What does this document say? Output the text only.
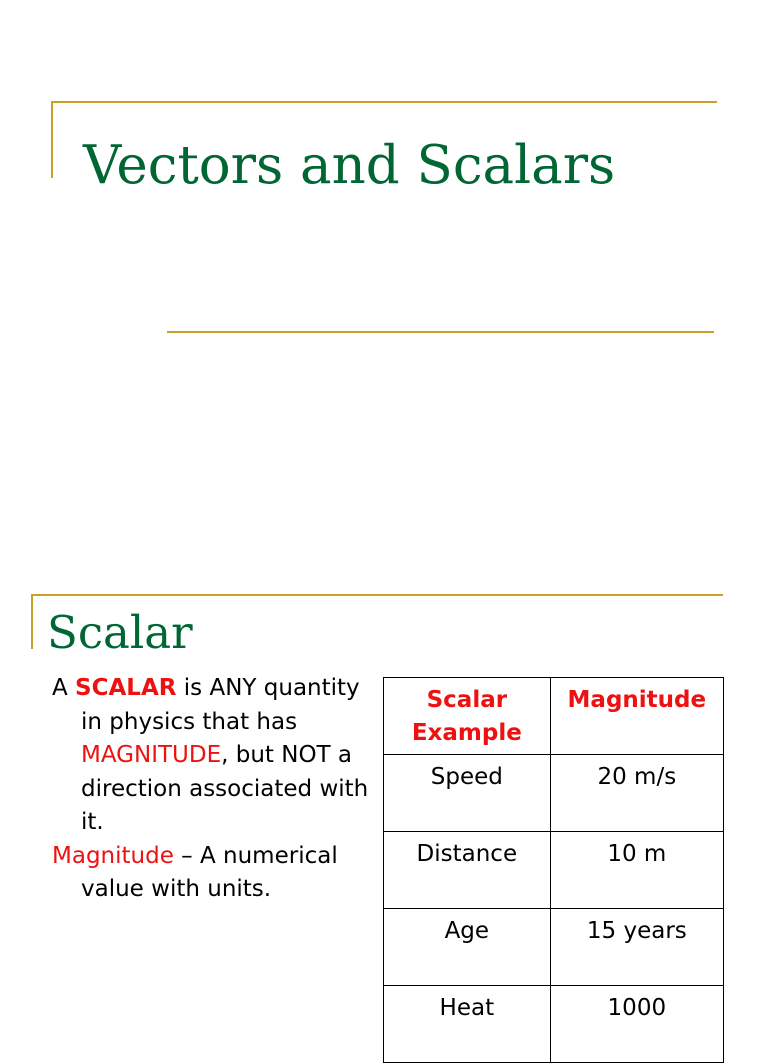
Vectors and Scalars
Scalar

A SCALAR is ANY quantity in physics that has MAGNITUDE, but NOT a direction associated with it.

Magnitude – A numerical value with units.

Scalar Example	Magnitude
Speed	20 m/s
Distance	10 m
Age	15 years
Heat	1000
